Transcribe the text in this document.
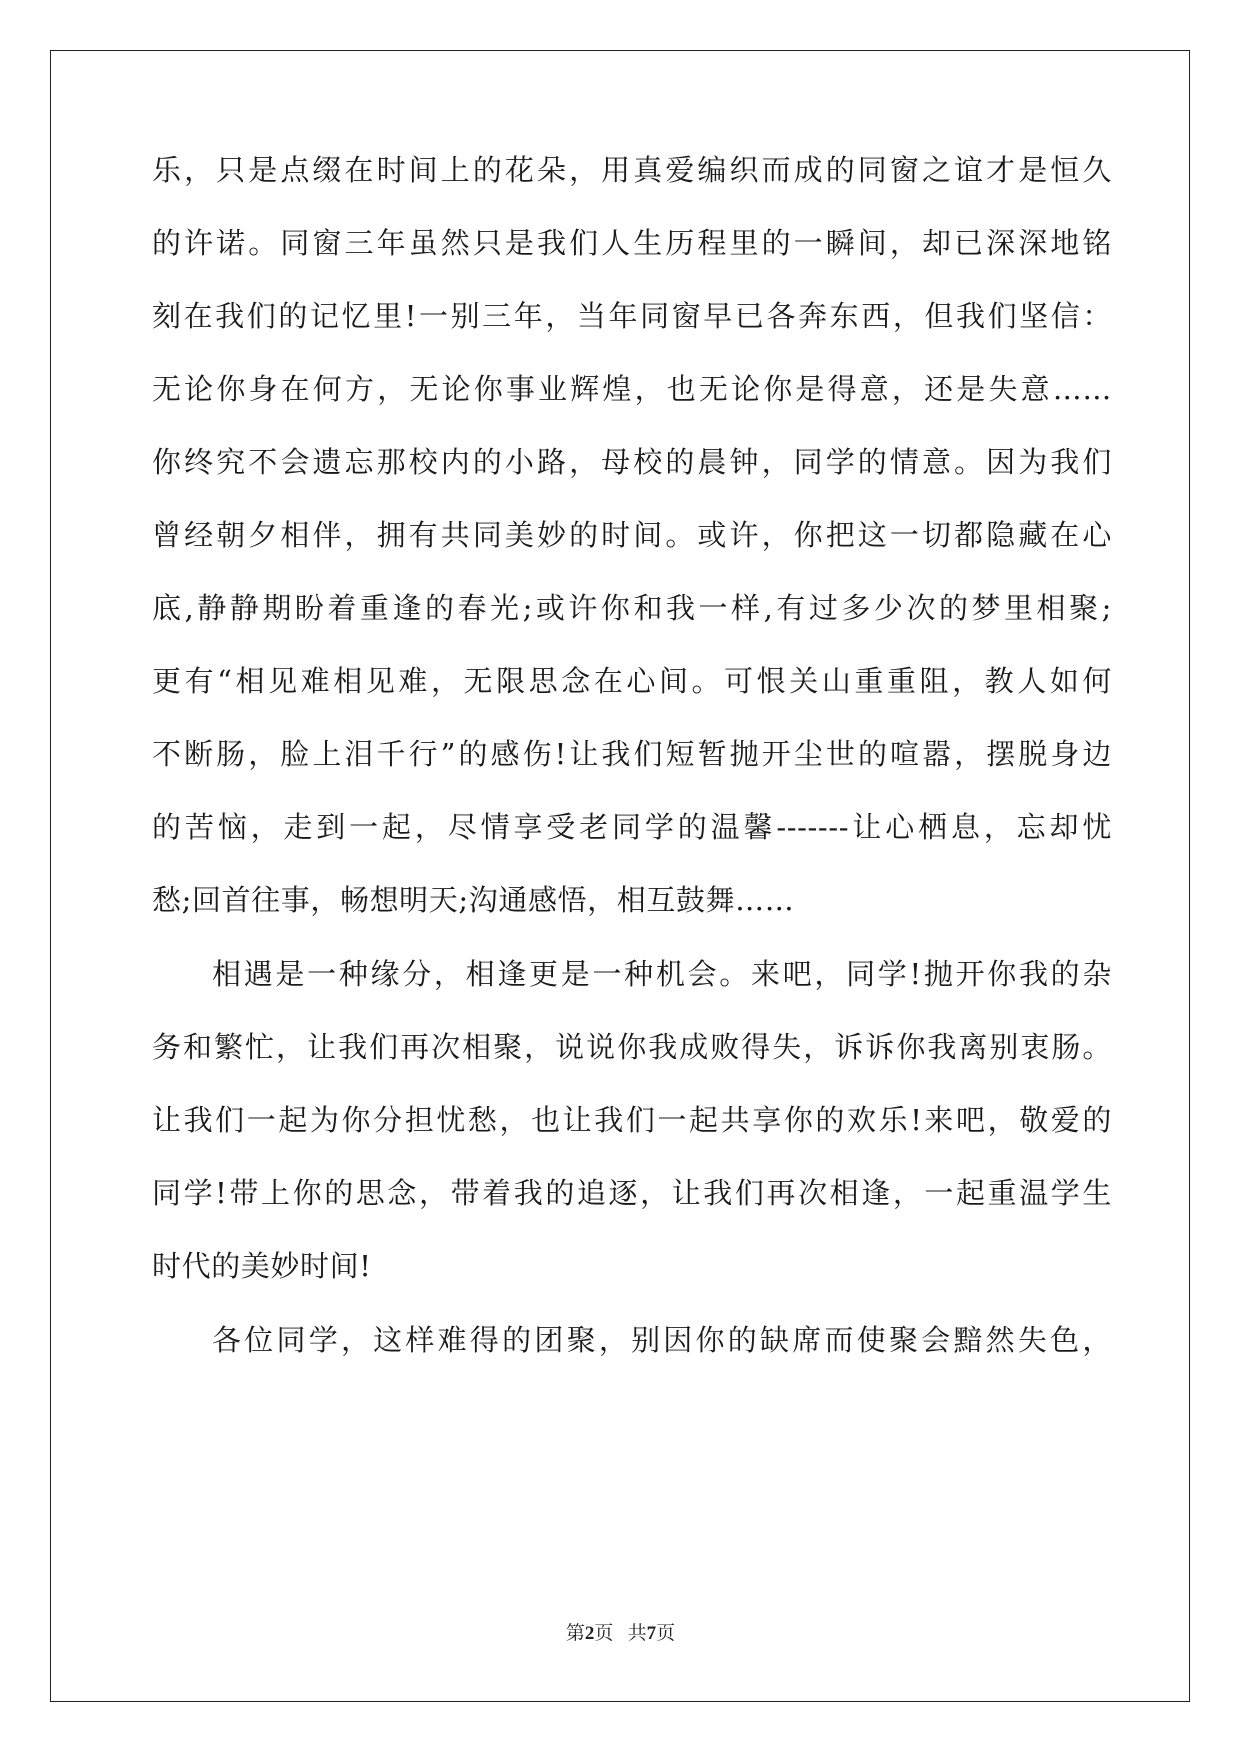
乐，只是点缀在时间上的花朵，用真爱编织而成的同窗之谊才是恒久
的许诺。同窗三年虽然只是我们人生历程里的一瞬间，却已深深地铭
刻在我们的记忆里!一别三年，当年同窗早已各奔东西，但我们坚信：
无论你身在何方，无论你事业辉煌，也无论你是得意，还是失意……
你终究不会遗忘那校内的小路，母校的晨钟，同学的情意。因为我们
曾经朝夕相伴，拥有共同美妙的时间。或许，你把这一切都隐藏在心
底,静静期盼着重逢的春光;或许你和我一样,有过多少次的梦里相聚;
更有“相见难相见难，无限思念在心间。可恨关山重重阻，教人如何
不断肠，脸上泪千行”的感伤!让我们短暂抛开尘世的喧嚣，摆脱身边
的苦恼，走到一起，尽情享受老同学的温馨-------让心栖息，忘却忧
愁;回首往事，畅想明天;沟通感悟，相互鼓舞……
相遇是一种缘分，相逢更是一种机会。来吧，同学!抛开你我的杂
务和繁忙，让我们再次相聚，说说你我成败得失，诉诉你我离别衷肠。
让我们一起为你分担忧愁，也让我们一起共享你的欢乐!来吧，敬爱的
同学!带上你的思念，带着我的追逐，让我们再次相逢，一起重温学生
时代的美妙时间!
各位同学，这样难得的团聚，别因你的缺席而使聚会黯然失色，
第2页 共7页
